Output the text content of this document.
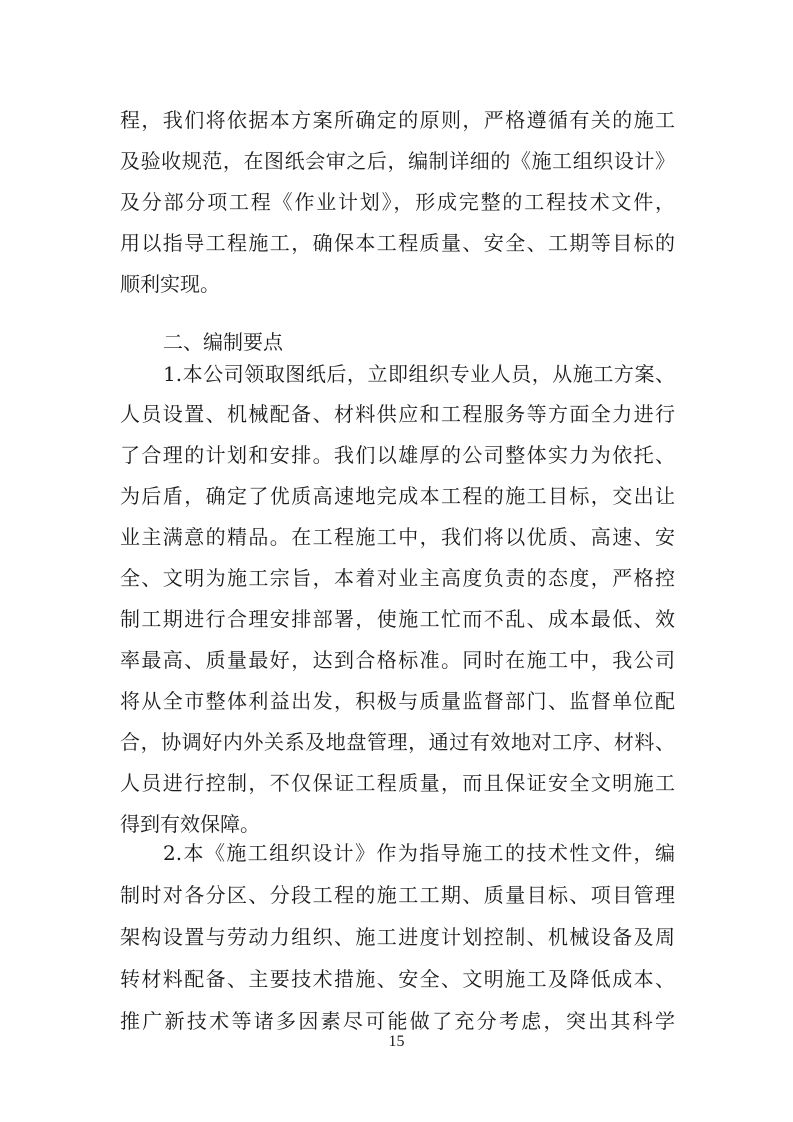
程，我们将依据本方案所确定的原则，严格遵循有关的施工
及验收规范，在图纸会审之后，编制详细的《施工组织设计》
及分部分项工程《作业计划》，形成完整的工程技术文件，
用以指导工程施工，确保本工程质量、安全、工期等目标的
顺利实现。
二、编制要点
1.本公司领取图纸后，立即组织专业人员，从施工方案、
人员设置、机械配备、材料供应和工程服务等方面全力进行
了合理的计划和安排。我们以雄厚的公司整体实力为依托、
为后盾，确定了优质高速地完成本工程的施工目标，交出让
业主满意的精品。在工程施工中，我们将以优质、高速、安
全、文明为施工宗旨，本着对业主高度负责的态度，严格控
制工期进行合理安排部署，使施工忙而不乱、成本最低、效
率最高、质量最好，达到合格标准。同时在施工中，我公司
将从全市整体利益出发，积极与质量监督部门、监督单位配
合，协调好内外关系及地盘管理，通过有效地对工序、材料、
人员进行控制，不仅保证工程质量，而且保证安全文明施工
得到有效保障。
2.本《施工组织设计》作为指导施工的技术性文件，编
制时对各分区、分段工程的施工工期、质量目标、项目管理
架构设置与劳动力组织、施工进度计划控制、机械设备及周
转材料配备、主要技术措施、安全、文明施工及降低成本、
推广新技术等诸多因素尽可能做了充分考虑，突出其科学
15
